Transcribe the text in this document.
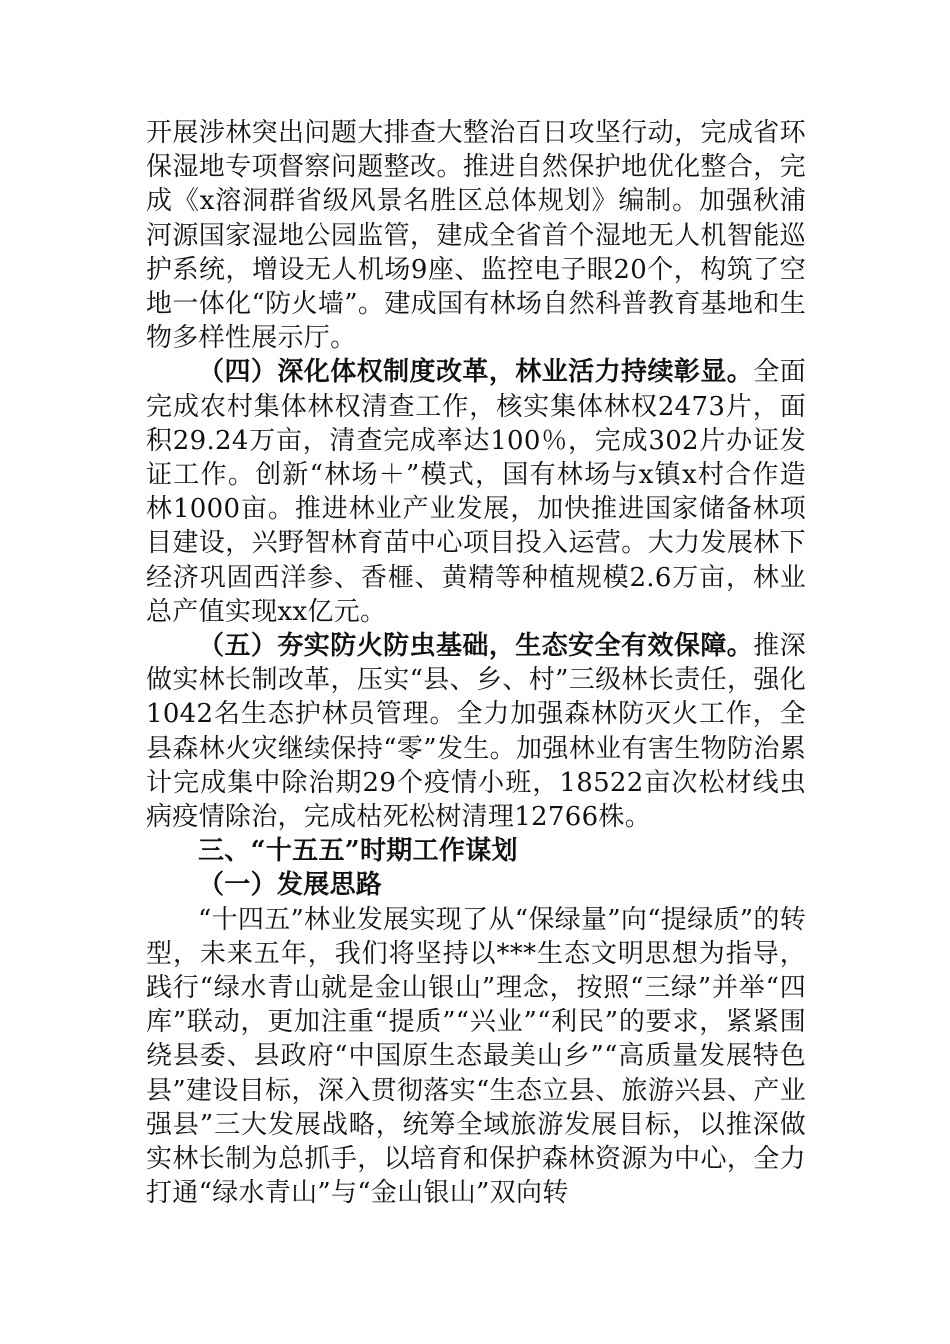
开展涉林突出问题大排查大整治百日攻坚行动，完成省环保湿地专项督察问题整改。推进自然保护地优化整合，完成《x溶洞群省级风景名胜区总体规划》编制。加强秋浦河源国家湿地公园监管，建成全省首个湿地无人机智能巡护系统，增设无人机场9座、监控电子眼20个，构筑了空地一体化“防火墙”。建成国有林场自然科普教育基地和生物多样性展示厅。

（四）深化体权制度改革，林业活力持续彰显。全面完成农村集体林权清查工作，核实集体林权2473片，面积29.24万亩，清查完成率达100％，完成302片办证发证工作。创新“林场＋”模式，国有林场与x镇x村合作造林1000亩。推进林业产业发展，加快推进国家储备林项目建设，兴野智林育苗中心项目投入运营。大力发展林下经济巩固西洋参、香榧、黄精等种植规模2.6万亩，林业总产值实现xx亿元。

（五）夯实防火防虫基础，生态安全有效保障。推深做实林长制改革，压实“县、乡、村”三级林长责任，强化1042名生态护林员管理。全力加强森林防灭火工作，全县森林火灾继续保持“零”发生。加强林业有害生物防治累计完成集中除治期29个疫情小班，18522亩次松材线虫病疫情除治，完成枯死松树清理12766株。

三、“十五五”时期工作谋划

（一）发展思路

“十四五”林业发展实现了从“保绿量”向“提绿质”的转型，未来五年，我们将坚持以***生态文明思想为指导，践行“绿水青山就是金山银山”理念，按照“三绿”并举“四库”联动，更加注重“提质”“兴业”“利民”的要求，紧紧围绕县委、县政府“中国原生态最美山乡”“高质量发展特色县”建设目标，深入贯彻落实“生态立县、旅游兴县、产业强县”三大发展战略，统筹全域旅游发展目标，以推深做实林长制为总抓手，以培育和保护森林资源为中心，全力打通“绿水青山”与“金山银山”双向转
